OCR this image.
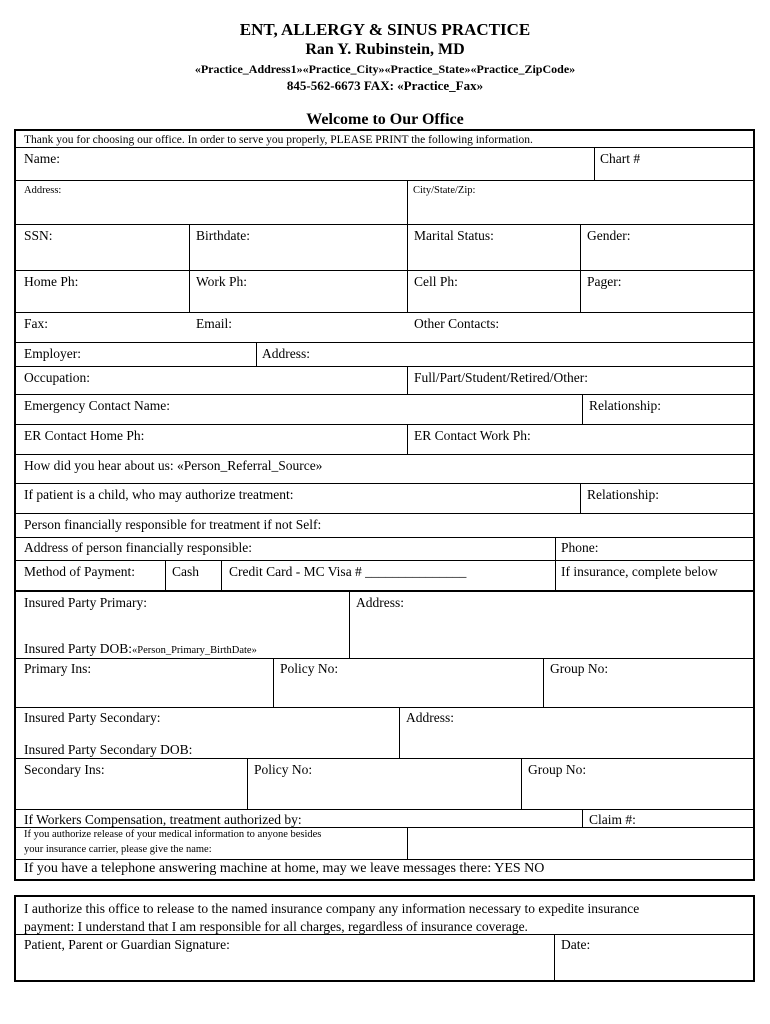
ENT, ALLERGY & SINUS PRACTICE
Ran Y. Rubinstein, MD
«Practice_Address1»«Practice_City»«Practice_State»«Practice_ZipCode»
845-562-6673 FAX: «Practice_Fax»
Welcome to Our Office
Thank you for choosing our office. In order to serve you properly, PLEASE PRINT the following information.
Name:	Chart #
Address:	City/State/Zip:
SSN:	Birthdate:	Marital Status:	Gender:
Home Ph:	Work Ph:	Cell Ph:	Pager:
Fax:	Email:	Other Contacts:
Employer:	Address:
Occupation:	Full/Part/Student/Retired/Other:
Emergency Contact Name:	Relationship:
ER Contact Home Ph:	ER Contact Work Ph:
How did you hear about us: «Person_Referral_Source»
If patient is a child, who may authorize treatment:	Relationship:
Person financially responsible for treatment if not Self:
Address of person financially responsible:	Phone:
Method of Payment:	Cash Credit Card - MC Visa # _______________	If insurance, complete below
Insured Party Primary:	Address:
Insured Party DOB:«Person_Primary_BirthDate»
Primary Ins:	Policy No:	Group No:
Insured Party Secondary:	Address:
Insured Party Secondary DOB:
Secondary Ins:	Policy No:	Group No:
If Workers Compensation, treatment authorized by:	Claim #:
If you authorize release of your medical information to anyone besides
your insurance carrier, please give the name:
If you have a telephone answering machine at home, may we leave messages there: YES NO
I authorize this office to release to the named insurance company any information necessary to expedite insurance
payment: I understand that I am responsible for all charges, regardless of insurance coverage.
Patient, Parent or Guardian Signature:	Date:
